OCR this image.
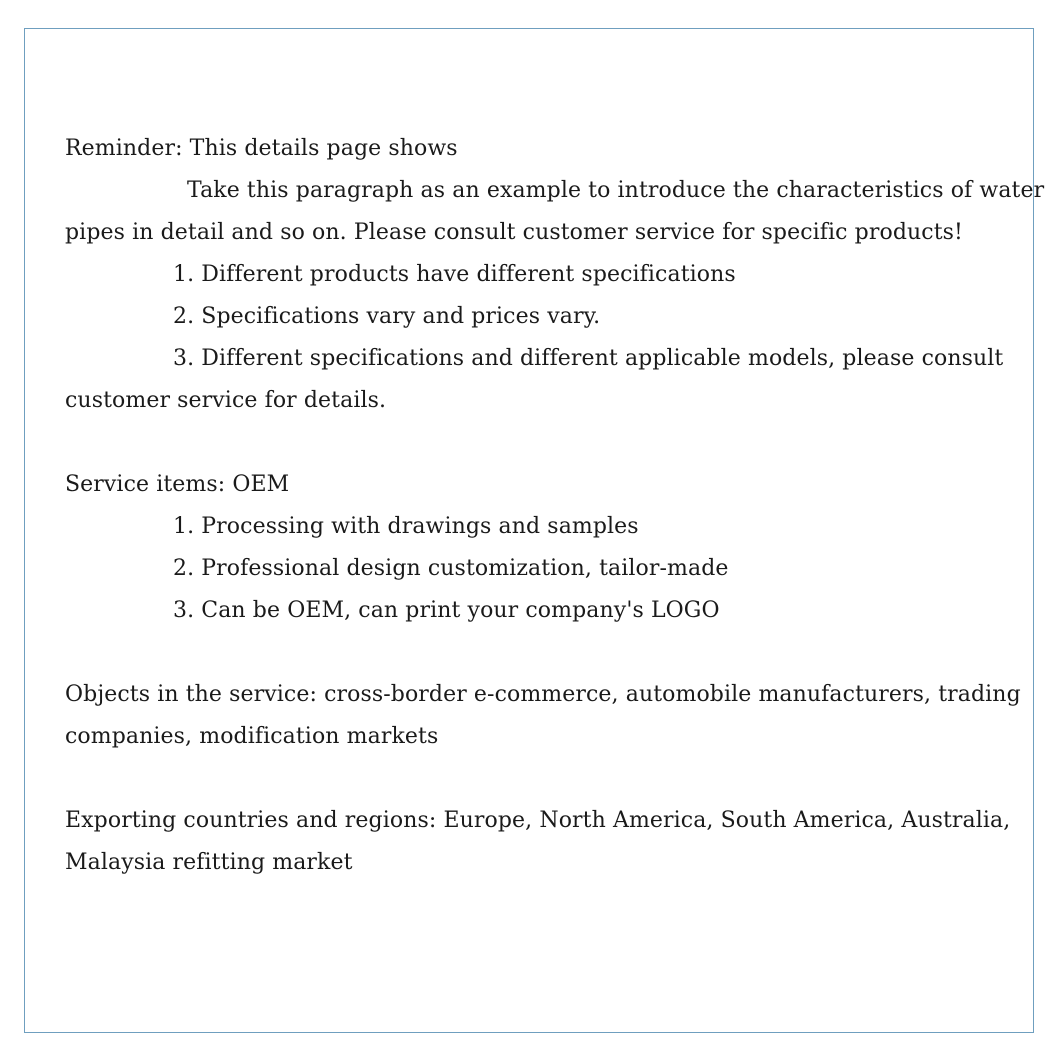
Reminder: This details page shows
Take this paragraph as an example to introduce the characteristics of water
pipes in detail and so on. Please consult customer service for specific products!
1. Different products have different specifications
2. Specifications vary and prices vary.
3. Different specifications and different applicable models, please consult
customer service for details.
Service items: OEM
1. Processing with drawings and samples
2. Professional design customization, tailor-made
3. Can be OEM, can print your company's LOGO
Objects in the service: cross-border e-commerce, automobile manufacturers, trading
companies, modification markets
Exporting countries and regions: Europe, North America, South America, Australia,
Malaysia refitting market
